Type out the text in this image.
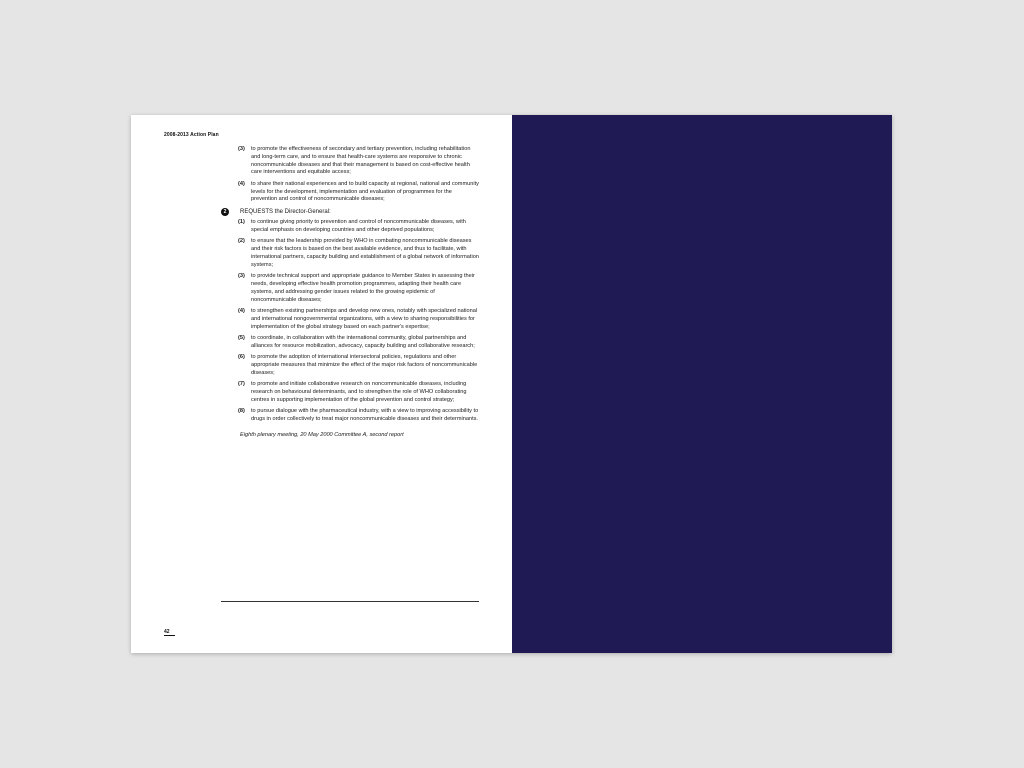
2008-2013 Action Plan
(3) to promote the effectiveness of secondary and tertiary prevention, including rehabilitation and long-term care, and to ensure that health-care systems are responsive to chronic noncommunicable diseases and that their management is based on cost-effective health care interventions and equitable access;
(4) to share their national experiences and to build capacity at regional, national and community levels for the development, implementation and evaluation of programmes for the prevention and control of noncommunicable diseases;
2	REQUESTS the Director-General:
(1) to continue giving priority to prevention and control of noncommunicable diseases, with special emphasis on developing countries and other deprived populations;
(2) to ensure that the leadership provided by WHO in combating noncommunicable diseases and their risk factors is based on the best available evidence, and thus to facilitate, with international partners, capacity building and establishment of a global network of information systems;
(3) to provide technical support and appropriate guidance to Member States in assessing their needs, developing effective health promotion programmes, adapting their health care systems, and addressing gender issues related to the growing epidemic of noncommunicable diseases;
(4) to strengthen existing partnerships and develop new ones, notably with specialized national and international nongovernmental organizations, with a view to sharing responsibilities for implementation of the global strategy based on each partner's expertise;
(5) to coordinate, in collaboration with the international community, global partnerships and alliances for resource mobilization, advocacy, capacity building and collaborative research;
(6) to promote the adoption of international intersectoral policies, regulations and other appropriate measures that minimize the effect of the major risk factors of noncommunicable diseases;
(7) to promote and initiate collaborative research on noncommunicable diseases, including research on behavioural determinants, and to strengthen the role of WHO collaborating centres in supporting implementation of the global prevention and control strategy;
(8) to pursue dialogue with the pharmaceutical industry, with a view to improving accessibility to drugs in order collectively to treat major noncommunicable diseases and their determinants.
Eighth plenary meeting, 20 May 2000 Committee A, second report
42
